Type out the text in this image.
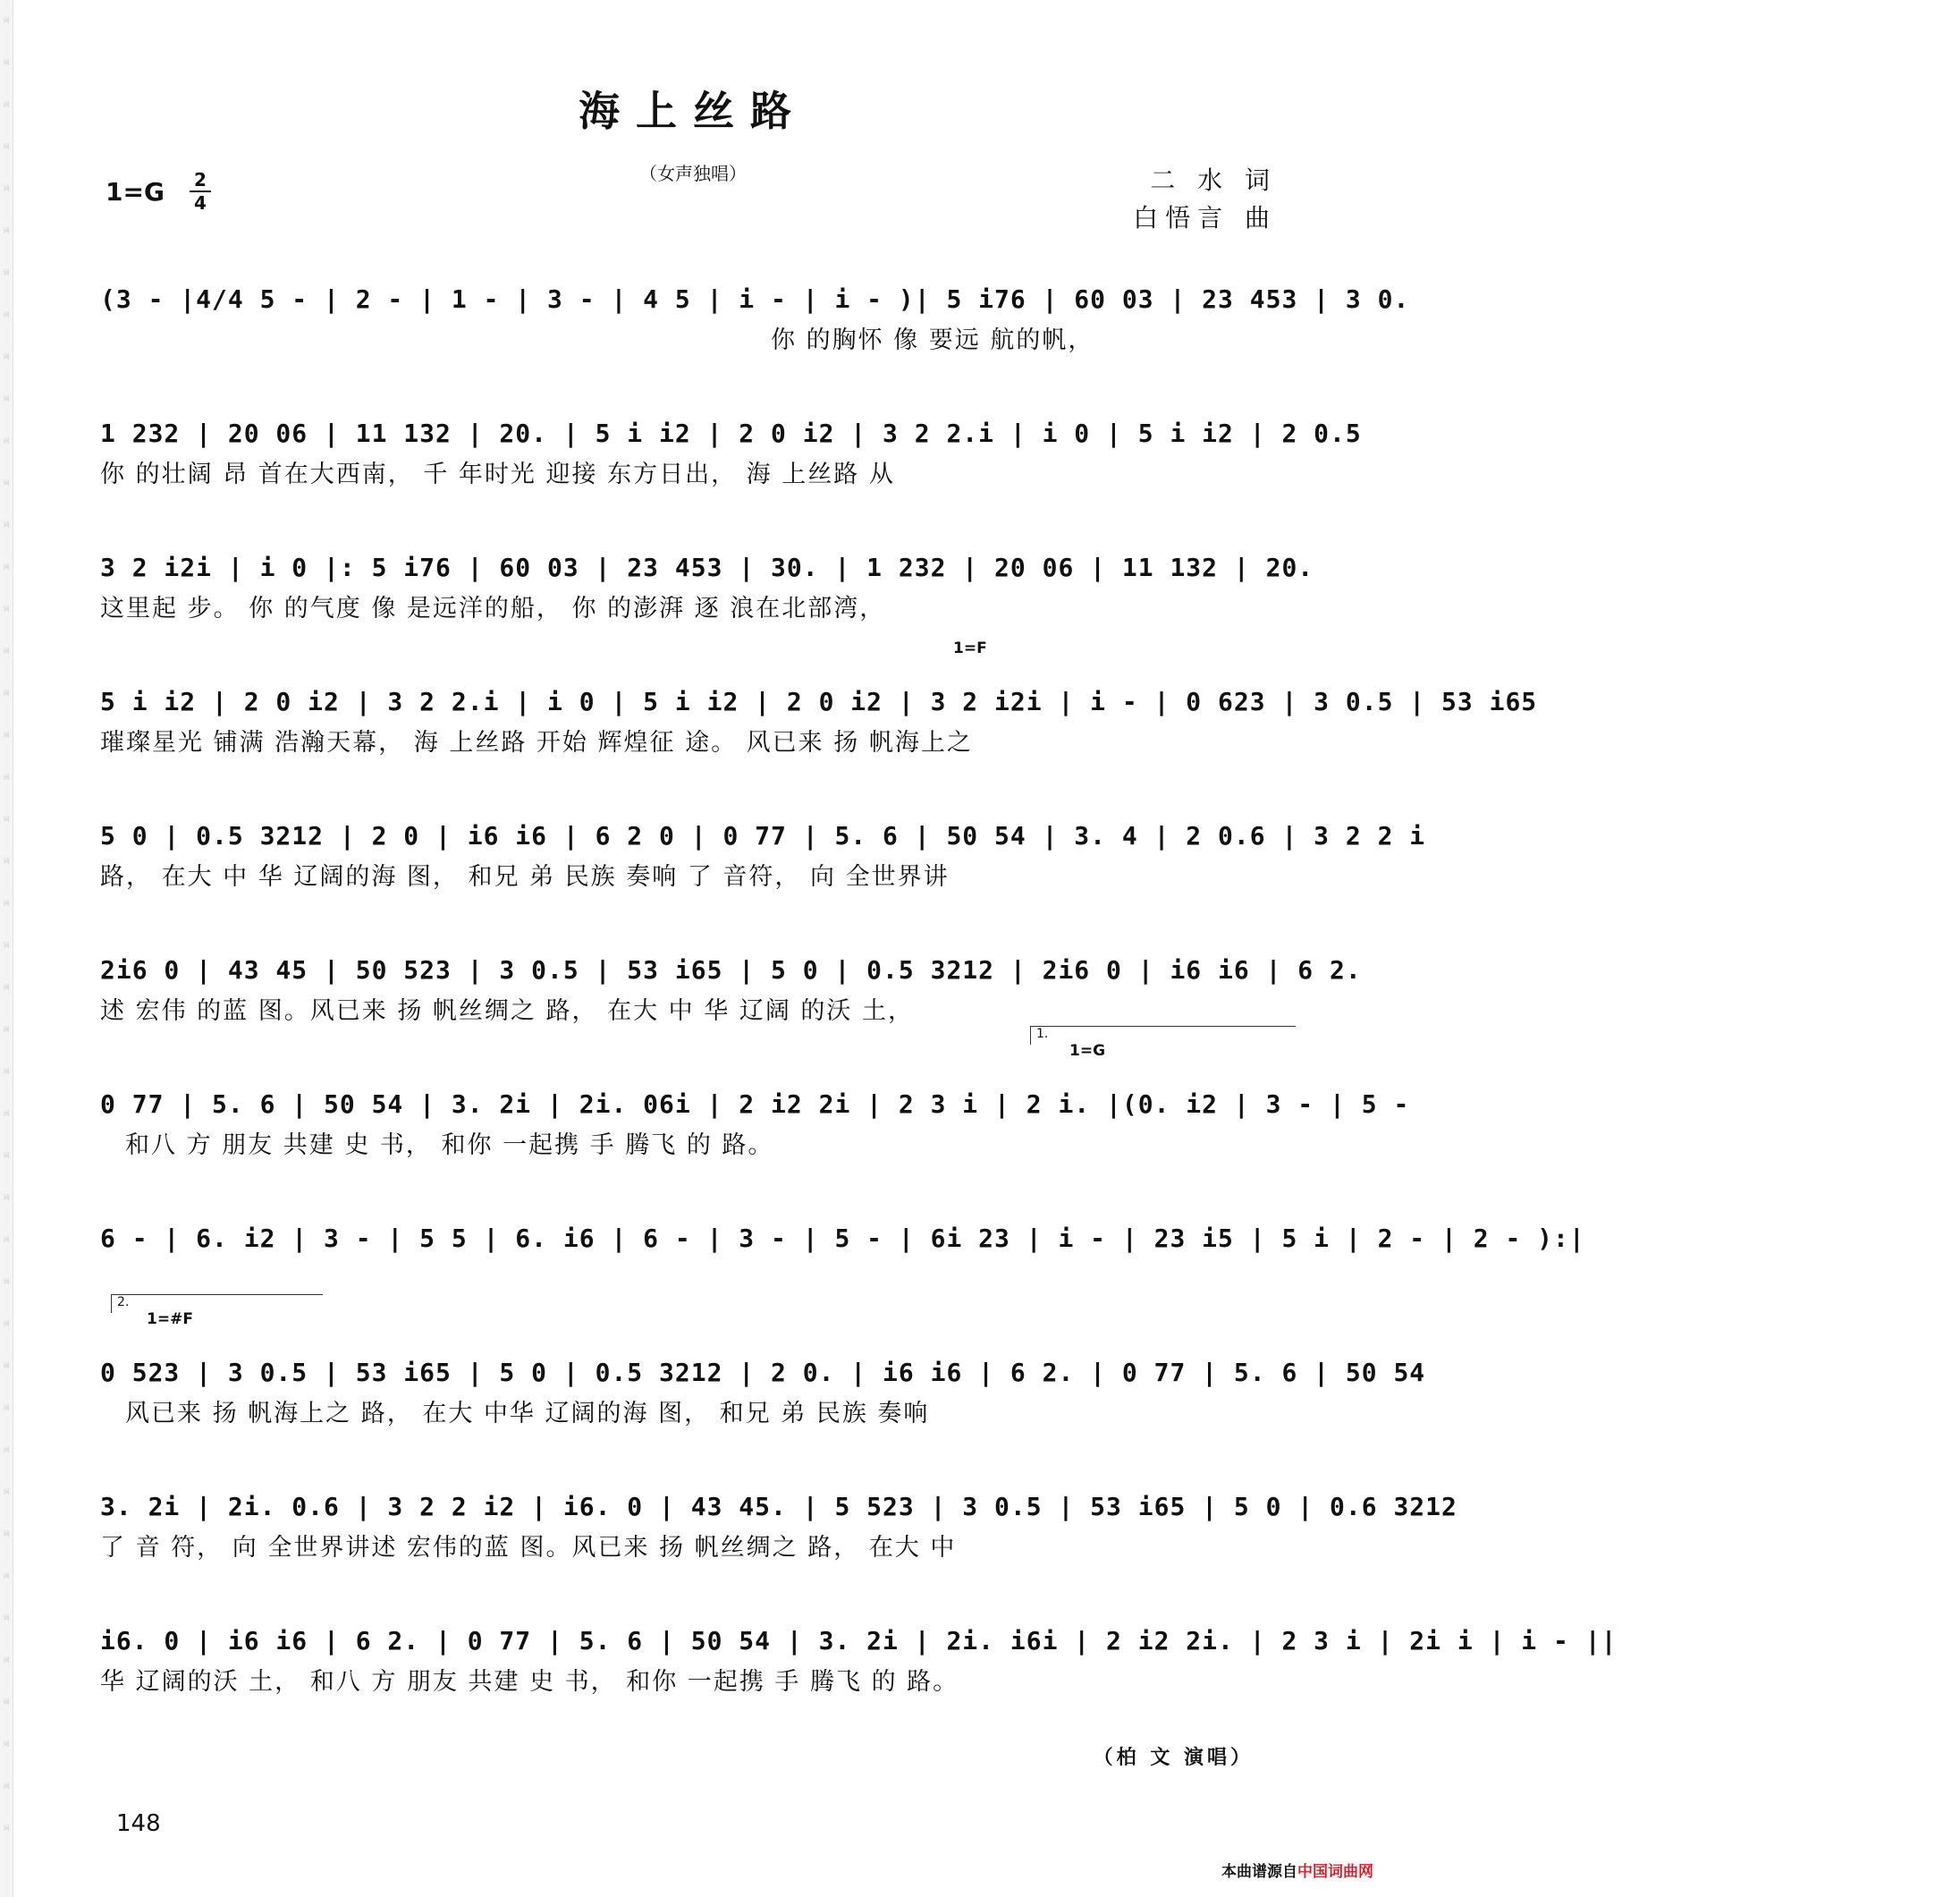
词
词
词
词
词
词
词
词
词
词
词
词
词
词
词
词
词
词
词
词
词
词
词
词
词
词
词
词
词
词
词
词
词
词
词
词
词
词
词
词
词
词
词
词
海上丝路
（女声独唱）
1=G 2
4
二 水 词
白悟言 曲
(3 - |4/4 5 - | 2 - | 1 - | 3 - | 4 5 | i - | i - )| 5 i76 | 60 03 | 23 453 | 3 0.
你 的胸怀 像 要远 航的帆，
1 232 | 20 06 | 11 132 | 20. | 5 i i2 | 2 0 i2 | 3 2 2.i | i 0 | 5 i i2 | 2 0.5
你 的壮阔 昂 首在大西南， 千 年时光 迎接 东方日出， 海 上丝路 从
3 2 i2i | i 0 |: 5 i76 | 60 03 | 23 453 | 30. | 1 232 | 20 06 | 11 132 | 20.
这里起 步。 你 的气度 像 是远洋的船， 你 的澎湃 逐 浪在北部湾，
1=F
5 i i2 | 2 0 i2 | 3 2 2.i | i 0 | 5 i i2 | 2 0 i2 | 3 2 i2i | i - | 0 623 | 3 0.5 | 53 i65
璀璨星光 铺满 浩瀚天幕， 海 上丝路 开始 辉煌征 途。 风已来 扬 帆海上之
5 0 | 0.5 3212 | 2 0 | i6 i6 | 6 2 0 | 0 77 | 5. 6 | 50 54 | 3. 4 | 2 0.6 | 3 2 2 i
路， 在大 中 华 辽阔的海 图， 和兄 弟 民族 奏响 了 音符， 向 全世界讲
2i6 0 | 43 45 | 50 523 | 3 0.5 | 53 i65 | 5 0 | 0.5 3212 | 2i6 0 | i6 i6 | 6 2.
述 宏伟 的蓝 图。风已来 扬 帆丝绸之 路， 在大 中 华 辽阔 的沃 土，
1.
1=G
0 77 | 5. 6 | 50 54 | 3. 2i | 2i. 06i | 2 i2 2i | 2 3 i | 2 i. |(0. i2 | 3 - | 5 -
和八 方 朋友 共建 史 书， 和你 一起携 手 腾飞 的 路。
6 - | 6. i2 | 3 - | 5 5 | 6. i6 | 6 - | 3 - | 5 - | 6i 23 | i - | 23 i5 | 5 i | 2 - | 2 - ):|
2.
1=#F
0 523 | 3 0.5 | 53 i65 | 5 0 | 0.5 3212 | 2 0. | i6 i6 | 6 2. | 0 77 | 5. 6 | 50 54
风已来 扬 帆海上之 路， 在大 中华 辽阔的海 图， 和兄 弟 民族 奏响
3. 2i | 2i. 0.6 | 3 2 2 i2 | i6. 0 | 43 45. | 5 523 | 3 0.5 | 53 i65 | 5 0 | 0.6 3212
了 音 符， 向 全世界讲述 宏伟的蓝 图。风已来 扬 帆丝绸之 路， 在大 中
i6. 0 | i6 i6 | 6 2. | 0 77 | 5. 6 | 50 54 | 3. 2i | 2i. i6i | 2 i2 2i. | 2 3 i | 2i i | i - ||
华 辽阔的沃 土， 和八 方 朋友 共建 史 书， 和你 一起携 手 腾飞 的 路。
（柏 文 演唱）
148
本曲谱源自中国词曲网
